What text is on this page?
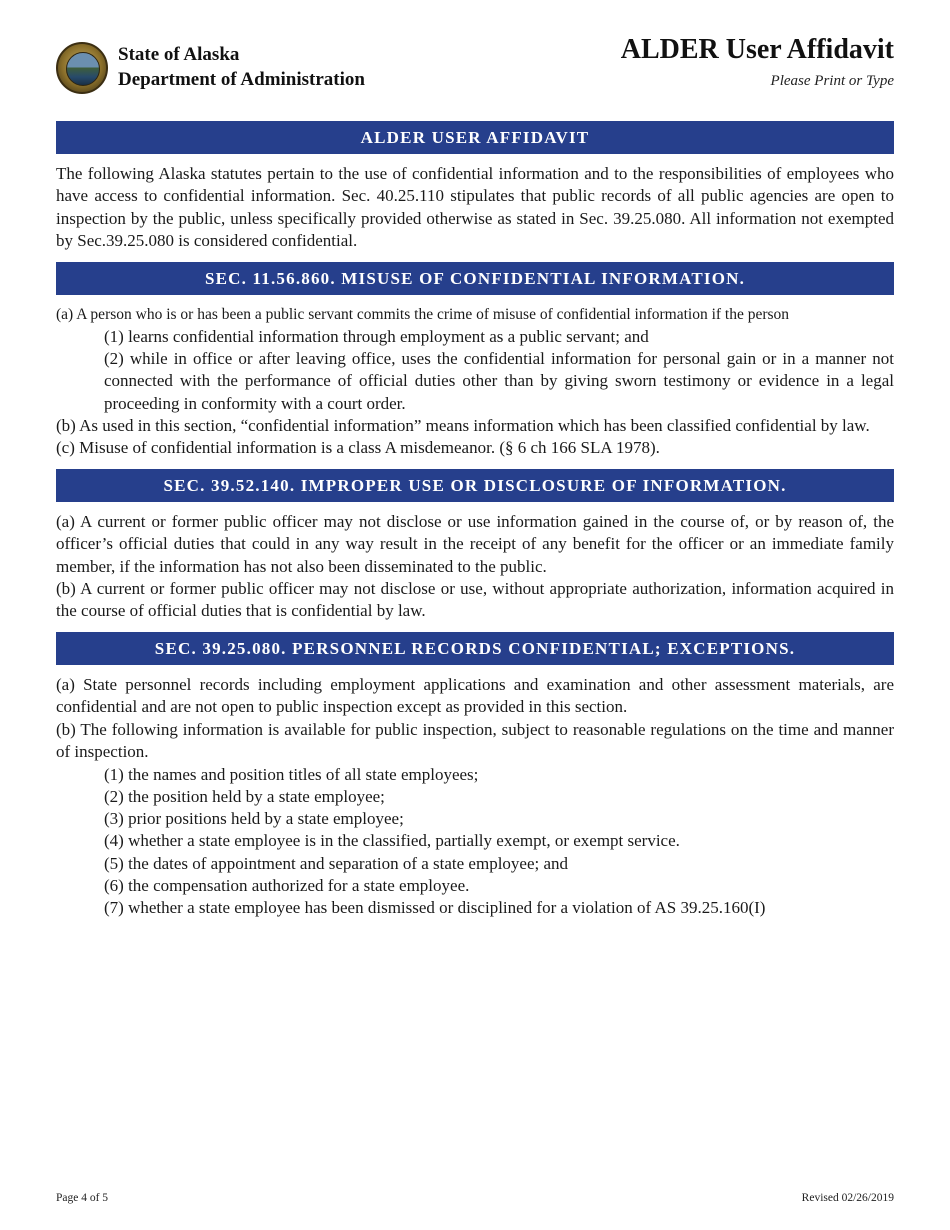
State of Alaska
Department of Administration
ALDER User Affidavit
Please Print or Type
ALDER USER AFFIDAVIT

The following Alaska statutes pertain to the use of confidential information and to the responsibilities of employees who have access to confidential information. Sec. 40.25.110 stipulates that public records of all public agencies are open to inspection by the public, unless specifically provided otherwise as stated in Sec. 39.25.080. All information not exempted by Sec.39.25.080 is considered confidential.

SEC. 11.56.860. MISUSE OF CONFIDENTIAL INFORMATION.

(a) A person who is or has been a public servant commits the crime of misuse of confidential information if the person

(1) learns confidential information through employment as a public servant; and

(2) while in office or after leaving office, uses the confidential information for personal gain or in a manner not connected with the performance of official duties other than by giving sworn testimony or evidence in a legal proceeding in conformity with a court order.

(b) As used in this section, “confidential information” means information which has been classified confidential by law.

(c) Misuse of confidential information is a class A misdemeanor. (§ 6 ch 166 SLA 1978).

SEC. 39.52.140. IMPROPER USE OR DISCLOSURE OF INFORMATION.

(a) A current or former public officer may not disclose or use information gained in the course of, or by reason of, the officer’s official duties that could in any way result in the receipt of any benefit for the officer or an immediate family member, if the information has not also been disseminated to the public.

(b) A current or former public officer may not disclose or use, without appropriate authorization, information acquired in the course of official duties that is confidential by law.

SEC. 39.25.080. PERSONNEL RECORDS CONFIDENTIAL; EXCEPTIONS.

(a) State personnel records including employment applications and examination and other assessment materials, are confidential and are not open to public inspection except as provided in this section.

(b) The following information is available for public inspection, subject to reasonable regulations on the time and manner of inspection.

(1) the names and position titles of all state employees;

(2) the position held by a state employee;

(3) prior positions held by a state employee;

(4) whether a state employee is in the classified, partially exempt, or exempt service.

(5) the dates of appointment and separation of a state employee; and

(6) the compensation authorized for a state employee.

(7) whether a state employee has been dismissed or disciplined for a violation of AS 39.25.160(I)

Page 4 of 5	Revised 02/26/2019
